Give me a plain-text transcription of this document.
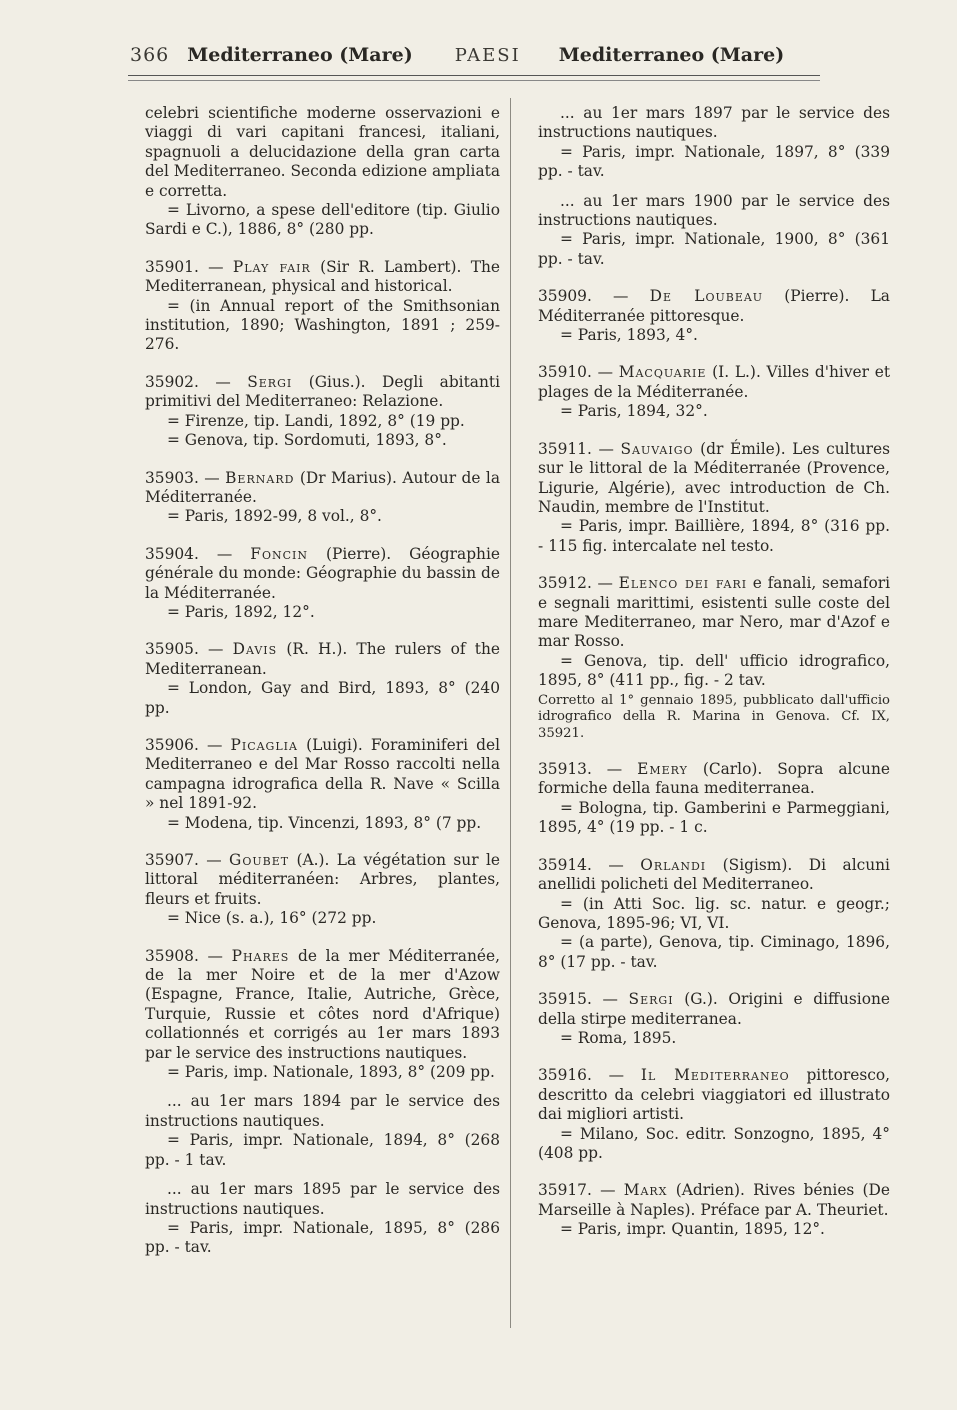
366 Mediterraneo (Mare) PAESI Mediterraneo (Mare)

celebri scientifiche moderne osservazioni e viaggi di vari capitani francesi, italiani, spagnuoli a delucidazione della gran carta del Mediterraneo. Seconda edizione ampliata e corretta.

= Livorno, a spese dell'editore (tip. Giulio Sardi e C.), 1886, 8° (280 pp.

35901. — Play fair (Sir R. Lambert). The Mediterranean, physical and historical.

= (in Annual report of the Smithsonian institution, 1890; Washington, 1891 ; 259-276.

35902. — Sergi (Gius.). Degli abitanti primitivi del Mediterraneo: Relazione.

= Firenze, tip. Landi, 1892, 8° (19 pp.

= Genova, tip. Sordomuti, 1893, 8°.

35903. — Bernard (Dr Marius). Autour de la Méditerranée.

= Paris, 1892-99, 8 vol., 8°.

35904. — Foncin (Pierre). Géographie générale du monde: Géographie du bassin de la Méditerranée.

= Paris, 1892, 12°.

35905. — Davis (R. H.). The rulers of the Mediterranean.

= London, Gay and Bird, 1893, 8° (240 pp.

35906. — Picaglia (Luigi). Foraminiferi del Mediterraneo e del Mar Rosso raccolti nella campagna idrografica della R. Nave « Scilla » nel 1891-92.

= Modena, tip. Vincenzi, 1893, 8° (7 pp.

35907. — Goubet (A.). La végétation sur le littoral méditerranéen: Arbres, plantes, fleurs et fruits.

= Nice (s. a.), 16° (272 pp.

35908. — Phares de la mer Méditerranée, de la mer Noire et de la mer d'Azow (Espagne, France, Italie, Autriche, Grèce, Turquie, Russie et côtes nord d'Afrique) collationnés et corrigés au 1er mars 1893 par le service des instructions nautiques.

= Paris, imp. Nationale, 1893, 8° (209 pp.

... au 1er mars 1894 par le service des instructions nautiques.

= Paris, impr. Nationale, 1894, 8° (268 pp. - 1 tav.

... au 1er mars 1895 par le service des instructions nautiques.

= Paris, impr. Nationale, 1895, 8° (286 pp. - tav.

... au 1er mars 1897 par le service des instructions nautiques.

= Paris, impr. Nationale, 1897, 8° (339 pp. - tav.

... au 1er mars 1900 par le service des instructions nautiques.

= Paris, impr. Nationale, 1900, 8° (361 pp. - tav.

35909. — De Loubeau (Pierre). La Méditerranée pittoresque.

= Paris, 1893, 4°.

35910. — Macquarie (I. L.). Villes d'hiver et plages de la Méditerranée.

= Paris, 1894, 32°.

35911. — Sauvaigo (dr Émile). Les cultures sur le littoral de la Méditerranée (Provence, Ligurie, Algérie), avec introduction de Ch. Naudin, membre de l'Institut.

= Paris, impr. Baillière, 1894, 8° (316 pp. - 115 fig. intercalate nel testo.

35912. — Elenco dei fari e fanali, semafori e segnali marittimi, esistenti sulle coste del mare Mediterraneo, mar Nero, mar d'Azof e mar Rosso.

= Genova, tip. dell' ufficio idrografico, 1895, 8° (411 pp., fig. - 2 tav.

Corretto al 1° gennaio 1895, pubblicato dall'ufficio idrografico della R. Marina in Genova. Cf. IX, 35921.

35913. — Emery (Carlo). Sopra alcune formiche della fauna mediterranea.

= Bologna, tip. Gamberini e Parmeggiani, 1895, 4° (19 pp. - 1 c.

35914. — Orlandi (Sigism). Di alcuni anellidi policheti del Mediterraneo.

= (in Atti Soc. lig. sc. natur. e geogr.; Genova, 1895-96; VI, VI.

= (a parte), Genova, tip. Ciminago, 1896, 8° (17 pp. - tav.

35915. — Sergi (G.). Origini e diffusione della stirpe mediterranea.

= Roma, 1895.

35916. — Il Mediterraneo pittoresco, descritto da celebri viaggiatori ed illustrato dai migliori artisti.

= Milano, Soc. editr. Sonzogno, 1895, 4° (408 pp.

35917. — Marx (Adrien). Rives bénies (De Marseille à Naples). Préface par A. Theuriet.

= Paris, impr. Quantin, 1895, 12°.
